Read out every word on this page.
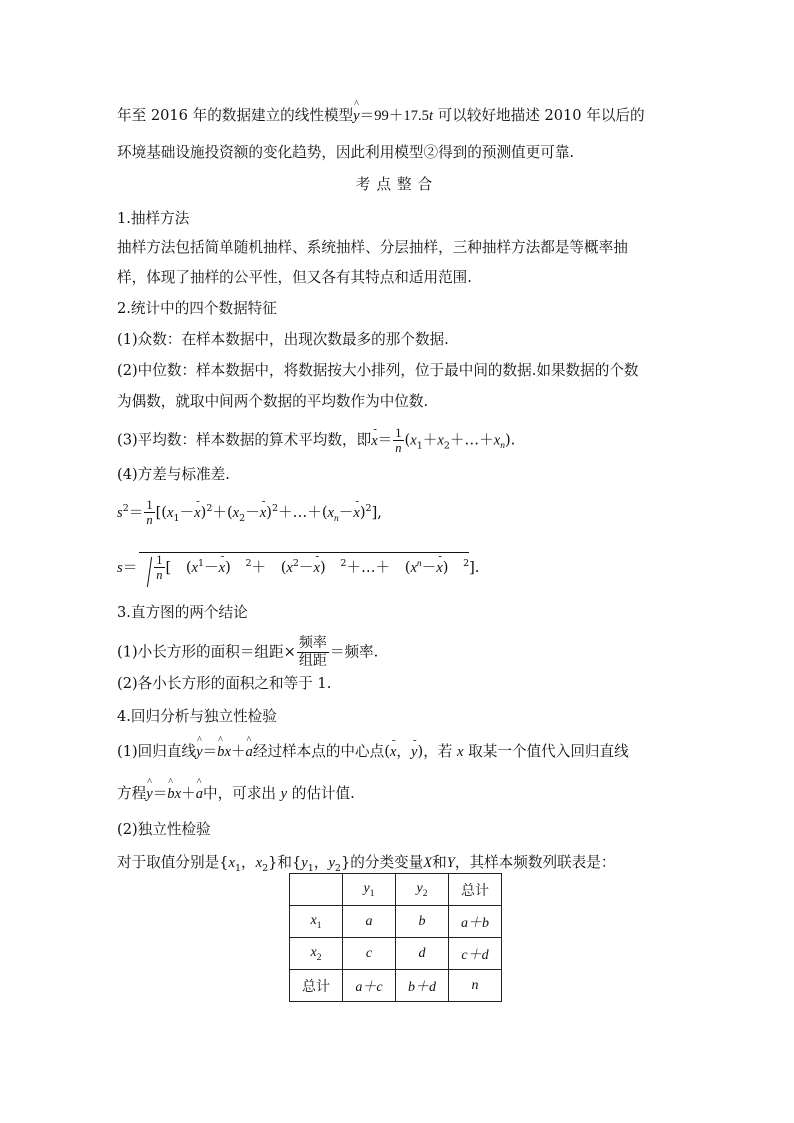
年至 2016 年的数据建立的线性模型^ y＝99＋17.5t 可以较好地描述 2010 年以后的
环境基础设施投资额的变化趋势，因此利用模型②得到的预测值更可靠.
考点整合
1.抽样方法
抽样方法包括简单随机抽样、系统抽样、分层抽样，三种抽样方法都是等概率抽
样，体现了抽样的公平性，但又各有其特点和适用范围.
2.统计中的四个数据特征
(1)众数：在样本数据中，出现次数最多的那个数据.
(2)中位数：样本数据中，将数据按大小排列，位于最中间的数据.如果数据的个数
为偶数，就取中间两个数据的平均数作为中位数.
(3)平均数：样本数据的算术平均数，即- $x= \frac{1}{n}$ $(x_1+x_2+\dots+x_n)$.
(4)方差与标准差.
$s^2= \frac{1}{n} [(x_1--$ $x)^2+(x_2--$ $x)^2+\dots+(x_n--$ x)$^2$],
$s= \frac{1}{n}$ [　($x^1--$ x)　$^2$＋　($x^2--$ x)　$^2$＋…＋　($x^n--$ x)　$^2$].
3.直方图的两个结论
(1)小长方形的面积＝组距× $\frac{\text{频率}}{\text{组距}}$ ＝频率.
(2)各小长方形的面积之和等于 1.
4.回归分析与独立性检验
(1)回归直线^ y＝^ bx＋^ a经过样本点的中心点(- x，- y)，若 x 取某一个值代入回归直线
方程^ y＝^ bx＋^ a中，可求出 y 的估计值.
(2)独立性检验
对于取值分别是{$x_1$，$x_2$}和{$y_1$，$y_2$}的分类变量X和Y，其样本频数列联表是：
	$y_1$	$y_2$	总计
$x_1$	a	b	a＋b
$x_2$	c	d	c＋d
总计	a＋c	b＋d	n
